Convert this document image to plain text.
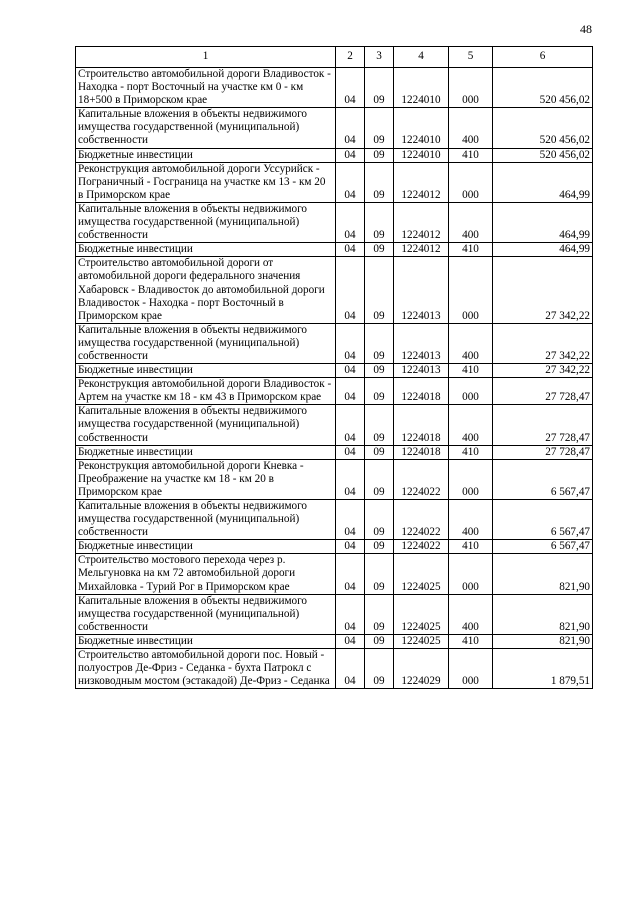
48
1	2	3	4	5	6
Строительство автомобильной дороги Владивосток - Находка - порт Восточный на участке км 0 - км 18+500 в Приморском крае	04	09	1224010	000	520 456,02
Капитальные вложения в объекты недвижимого имущества государственной (муниципальной) собственности	04	09	1224010	400	520 456,02
Бюджетные инвестиции	04	09	1224010	410	520 456,02
Реконструкция автомобильной дороги Уссурийск - Пограничный - Госграница на участке км 13 - км 20 в Приморском крае	04	09	1224012	000	464,99
Капитальные вложения в объекты недвижимого имущества государственной (муниципальной) собственности	04	09	1224012	400	464,99
Бюджетные инвестиции	04	09	1224012	410	464,99
Строительство автомобильной дороги от автомобильной дороги федерального значения Хабаровск - Владивосток до автомобильной дороги Владивосток - Находка - порт Восточный в Приморском крае	04	09	1224013	000	27 342,22
Капитальные вложения в объекты недвижимого имущества государственной (муниципальной) собственности	04	09	1224013	400	27 342,22
Бюджетные инвестиции	04	09	1224013	410	27 342,22
Реконструкция автомобильной дороги Владивосток - Артем на участке км 18 - км 43 в Приморском крае	04	09	1224018	000	27 728,47
Капитальные вложения в объекты недвижимого имущества государственной (муниципальной) собственности	04	09	1224018	400	27 728,47
Бюджетные инвестиции	04	09	1224018	410	27 728,47
Реконструкция автомобильной дороги Кневка - Преображение на участке км 18 - км 20 в Приморском крае	04	09	1224022	000	6 567,47
Капитальные вложения в объекты недвижимого имущества государственной (муниципальной) собственности	04	09	1224022	400	6 567,47
Бюджетные инвестиции	04	09	1224022	410	6 567,47
Строительство мостового перехода через р. Мельгуновка на км 72 автомобильной дороги Михайловка - Турий Рог в Приморском крае	04	09	1224025	000	821,90
Капитальные вложения в объекты недвижимого имущества государственной (муниципальной) собственности	04	09	1224025	400	821,90
Бюджетные инвестиции	04	09	1224025	410	821,90
Строительство автомобильной дороги пос. Новый - полуостров Де-Фриз - Седанка - бухта Патрокл с низководным мостом (эстакадой) Де-Фриз - Седанка	04	09	1224029	000	1 879,51
